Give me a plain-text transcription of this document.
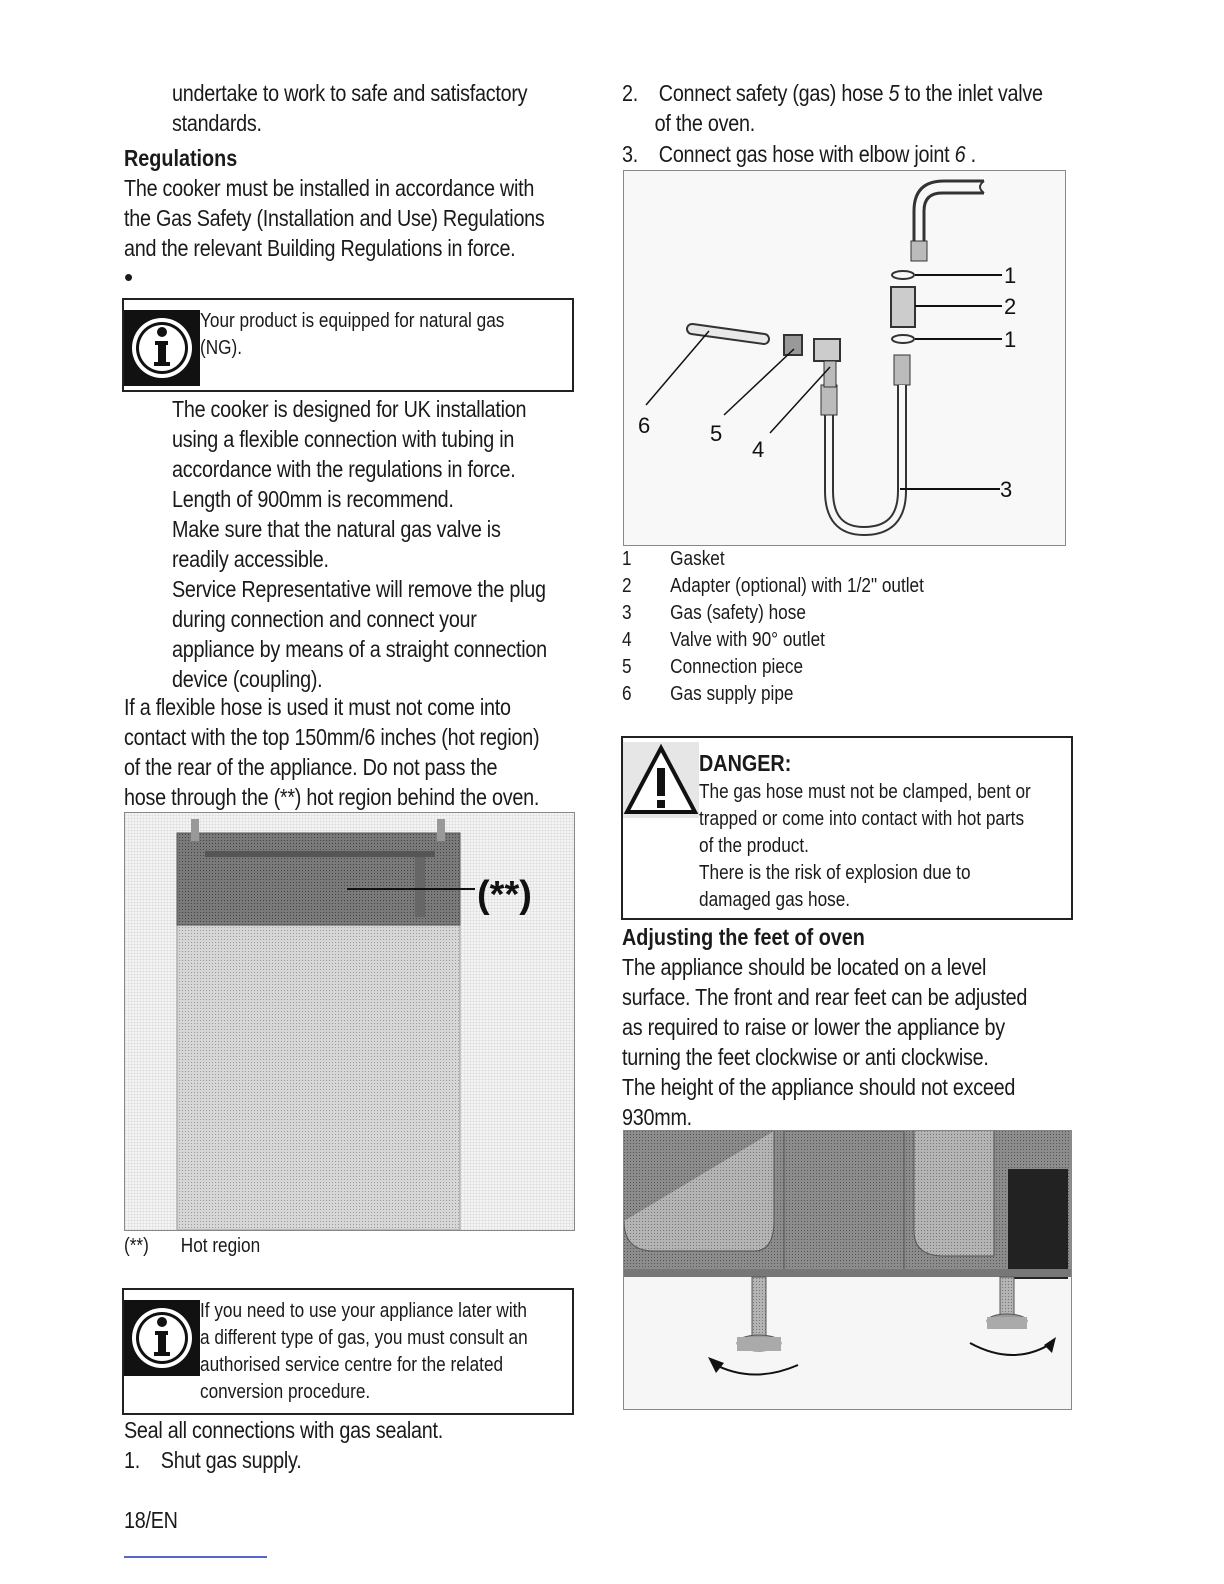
undertake to work to safe and satisfactory
standards.
Regulations
The cooker must be installed in accordance with
the Gas Safety (Installation and Use) Regulations
and the relevant Building Regulations in force.
•
Your product is equipped for natural gas
(NG).
The cooker is designed for UK installation
using a flexible connection with tubing in
accordance with the regulations in force.
Length of 900mm is recommend.
Make sure that the natural gas valve is
readily accessible.
Service Representative will remove the plug
during connection and connect your
appliance by means of a straight connection
device (coupling).
If a flexible hose is used it must not come into
contact with the top 150mm/6 inches (hot region)
of the rear of the appliance. Do not pass the
hose through the (**) hot region behind the oven.
(**)
(**) Hot region
If you need to use your appliance later with
a different type of gas, you must consult an
authorised service centre for the related
conversion procedure.
Seal all connections with gas sealant.
1. Shut gas supply.
18/EN
2. Connect safety (gas) hose 5 to the inlet valve
of the oven.
3. Connect gas hose with elbow joint 6 .
1
2
1
3
6	5
4
1 Gasket
2 Adapter (optional) with 1/2" outlet
3 Gas (safety) hose
4 Valve with 90° outlet
5 Connection piece
6 Gas supply pipe
DANGER:
The gas hose must not be clamped, bent or
trapped or come into contact with hot parts
of the product.
There is the risk of explosion due to
damaged gas hose.
Adjusting the feet of oven
The appliance should be located on a level
surface. The front and rear feet can be adjusted
as required to raise or lower the appliance by
turning the feet clockwise or anti clockwise.
The height of the appliance should not exceed
930mm.
